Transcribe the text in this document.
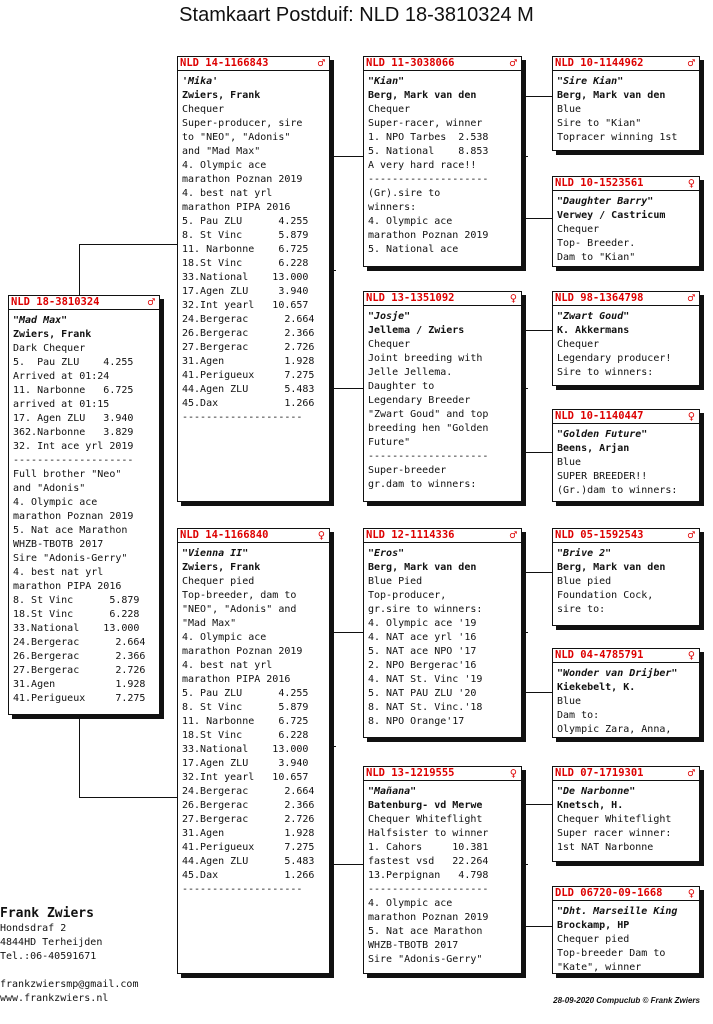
Stamkaart Postduif: NLD 18-3810324 M
NLD 18-3810324	♂
"Mad Max"
Zwiers, Frank
Dark Chequer
5.  Pau ZLU    4.255
Arrived at 01:24
11. Narbonne   6.725
arrived at 01:15
17. Agen ZLU   3.940
362.Narbonne   3.829
32. Int ace yrl 2019
--------------------
Full brother "Neo"
and "Adonis"
4. Olympic ace
marathon Poznan 2019
5. Nat ace Marathon
WHZB-TBOTB 2017
Sire "Adonis-Gerry"
4. best nat yrl
marathon PIPA 2016
8. St Vinc      5.879
18.St Vinc      6.228
33.National    13.000
24.Bergerac      2.664
26.Bergerac      2.366
27.Bergerac      2.726
31.Agen          1.928
41.Perigueux     7.275
NLD 14-1166843	♂
'Mika'
Zwiers, Frank
Chequer
Super-producer, sire
to "NEO", "Adonis"
and "Mad Max"
4. Olympic ace
marathon Poznan 2019
4. best nat yrl
marathon PIPA 2016
5. Pau ZLU      4.255
8. St Vinc      5.879
11. Narbonne    6.725
18.St Vinc      6.228
33.National    13.000
17.Agen ZLU     3.940
32.Int yearl   10.657
24.Bergerac      2.664
26.Bergerac      2.366
27.Bergerac      2.726
31.Agen          1.928
41.Perigueux     7.275
44.Agen ZLU      5.483
45.Dax           1.266
--------------------
NLD 14-1166840	♀
"Vienna II"
Zwiers, Frank
Chequer pied
Top-breeder, dam to
"NEO", "Adonis" and
"Mad Max"
4. Olympic ace
marathon Poznan 2019
4. best nat yrl
marathon PIPA 2016
5. Pau ZLU      4.255
8. St Vinc      5.879
11. Narbonne    6.725
18.St Vinc      6.228
33.National    13.000
17.Agen ZLU     3.940
32.Int yearl   10.657
24.Bergerac      2.664
26.Bergerac      2.366
27.Bergerac      2.726
31.Agen          1.928
41.Perigueux     7.275
44.Agen ZLU      5.483
45.Dax           1.266
--------------------
NLD 11-3038066	♂
"Kian"
Berg, Mark van den
Chequer
Super-racer, winner
1. NPO Tarbes  2.538
5. National    8.853
A very hard race!!
--------------------
(Gr).sire to
winners:
4. Olympic ace
marathon Poznan 2019
5. National ace
NLD 13-1351092	♀
"Josje"
Jellema / Zwiers
Chequer
Joint breeding with
Jelle Jellema.
Daughter to
Legendary Breeder
"Zwart Goud" and top
breeding hen "Golden
Future"
--------------------
Super-breeder
gr.dam to winners:
NLD 12-1114336	♂
"Eros"
Berg, Mark van den
Blue Pied
Top-producer,
gr.sire to winners:
4. Olympic ace '19
4. NAT ace yrl '16
5. NAT ace NPO '17
2. NPO Bergerac'16
4. NAT St. Vinc '19
5. NAT PAU ZLU '20
8. NAT St. Vinc.'18
8. NPO Orange'17
NLD 13-1219555	♀
"Mañana"
Batenburg- vd Merwe
Chequer Whiteflight
Halfsister to winner
1. Cahors     10.381
fastest vsd   22.264
13.Perpignan   4.798
--------------------
4. Olympic ace
marathon Poznan 2019
5. Nat ace Marathon
WHZB-TBOTB 2017
Sire "Adonis-Gerry"
NLD 10-1144962	♂
"Sire Kian"
Berg, Mark van den
Blue
Sire to "Kian"
Topracer winning 1st
NLD 10-1523561	♀
"Daughter Barry"
Verwey / Castricum
Chequer
Top- Breeder.
Dam to "Kian"
NLD 98-1364798	♂
"Zwart Goud"
K. Akkermans
Chequer
Legendary producer!
Sire to winners:
NLD 10-1140447	♀
"Golden Future"
Beens, Arjan
Blue
SUPER BREEDER!!
(Gr.)dam to winners:
NLD 05-1592543	♂
"Brive 2"
Berg, Mark van den
Blue pied
Foundation Cock,
sire to:
NLD 04-4785791	♀
"Wonder van Drijber"
Kiekebelt, K.
Blue
Dam to:
Olympic Zara, Anna,
NLD 07-1719301	♂
"De Narbonne"
Knetsch, H.
Chequer Whiteflight
Super racer winner:
1st NAT Narbonne
DLD 06720-09-1668 ♀
"Dht. Marseille King
Brockamp, HP
Chequer pied
Top-breeder Dam to
"Kate", winner
Frank Zwiers
Hondsdraf 2
4844HD Terheijden
Tel.:06-40591671
frankzwiersmp@gmail.com
www.frankzwiers.nl	28-09-2020 Compuclub © Frank Zwiers
